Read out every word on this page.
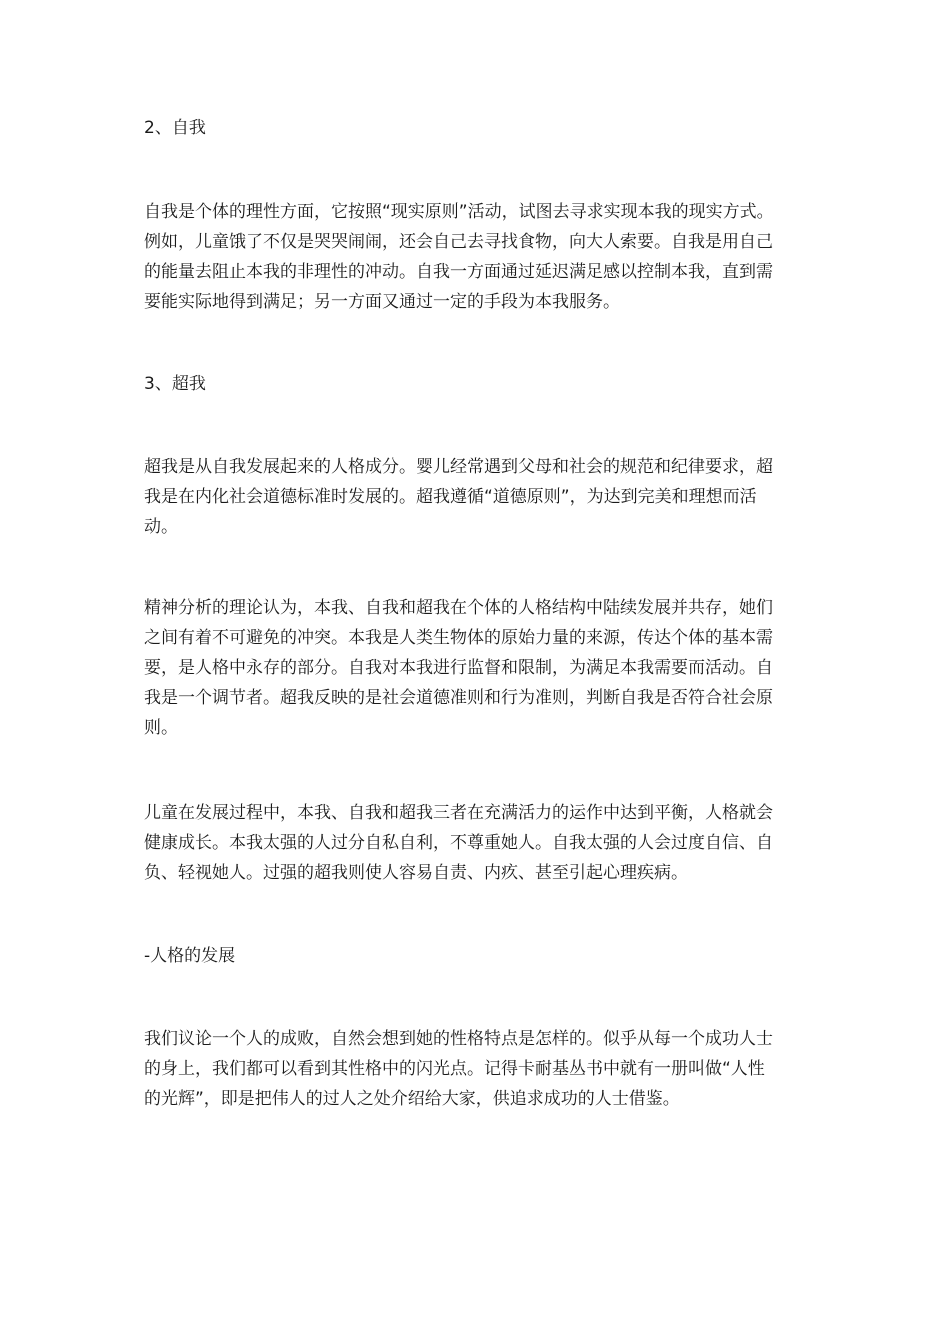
2、自我
自我是个体的理性方面，它按照“现实原则”活动，试图去寻求实现本我的现实方式。
例如，儿童饿了不仅是哭哭闹闹，还会自己去寻找食物，向大人索要。自我是用自己
的能量去阻止本我的非理性的冲动。自我一方面通过延迟满足感以控制本我，直到需
要能实际地得到满足；另一方面又通过一定的手段为本我服务。
3、超我
超我是从自我发展起来的人格成分。婴儿经常遇到父母和社会的规范和纪律要求，超
我是在内化社会道德标准时发展的。超我遵循“道德原则”，为达到完美和理想而活
动。
精神分析的理论认为，本我、自我和超我在个体的人格结构中陆续发展并共存，她们
之间有着不可避免的冲突。本我是人类生物体的原始力量的来源，传达个体的基本需
要，是人格中永存的部分。自我对本我进行监督和限制，为满足本我需要而活动。自
我是一个调节者。超我反映的是社会道德准则和行为准则，判断自我是否符合社会原
则。
儿童在发展过程中，本我、自我和超我三者在充满活力的运作中达到平衡，人格就会
健康成长。本我太强的人过分自私自利，不尊重她人。自我太强的人会过度自信、自
负、轻视她人。过强的超我则使人容易自责、内疚、甚至引起心理疾病。
-人格的发展
我们议论一个人的成败，自然会想到她的性格特点是怎样的。似乎从每一个成功人士
的身上，我们都可以看到其性格中的闪光点。记得卡耐基丛书中就有一册叫做“人性
的光辉”，即是把伟人的过人之处介绍给大家，供追求成功的人士借鉴。
